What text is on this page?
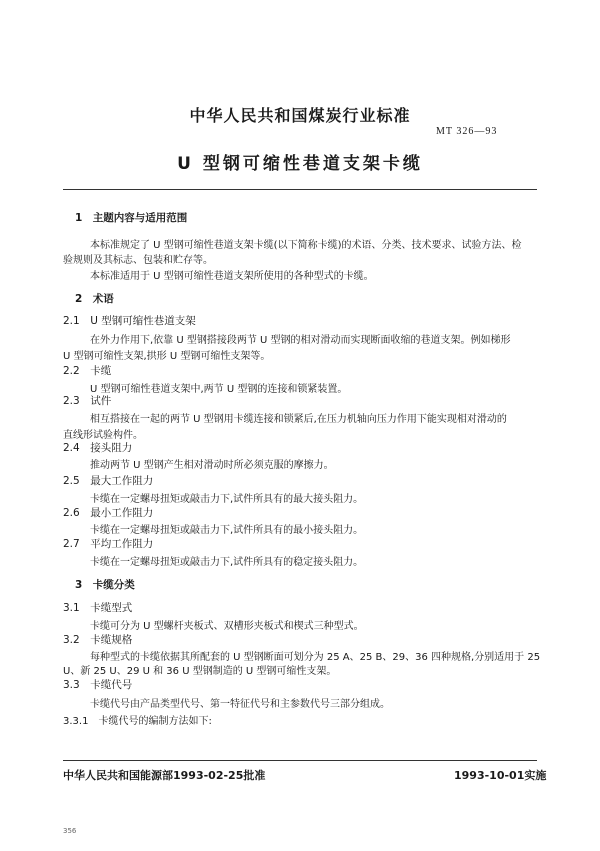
中华人民共和国煤炭行业标准
MT 326—93
U 型钢可缩性巷道支架卡缆
1　主题内容与适用范围
本标准规定了 U 型钢可缩性巷道支架卡缆(以下简称卡缆)的术语、分类、技术要求、试验方法、检
验规则及其标志、包装和贮存等。
本标准适用于 U 型钢可缩性巷道支架所使用的各种型式的卡缆。
2　术语
2.1　U 型钢可缩性巷道支架
在外力作用下,依靠 U 型钢搭接段两节 U 型钢的相对滑动而实现断面收缩的巷道支架。例如梯形
U 型钢可缩性支架,拱形 U 型钢可缩性支架等。
2.2　卡缆
U 型钢可缩性巷道支架中,两节 U 型钢的连接和锁紧装置。
2.3　试件
相互搭接在一起的两节 U 型钢用卡缆连接和锁紧后,在压力机轴向压力作用下能实现相对滑动的
直线形试验构件。
2.4　接头阻力
推动两节 U 型钢产生相对滑动时所必须克服的摩擦力。
2.5　最大工作阻力
卡缆在一定螺母扭矩或敲击力下,试件所具有的最大接头阻力。
2.6　最小工作阻力
卡缆在一定螺母扭矩或敲击力下,试件所具有的最小接头阻力。
2.7　平均工作阻力
卡缆在一定螺母扭矩或敲击力下,试件所具有的稳定接头阻力。
3　卡缆分类
3.1　卡缆型式
卡缆可分为 U 型螺杆夹板式、双槽形夹板式和楔式三种型式。
3.2　卡缆规格
每种型式的卡缆依据其所配套的 U 型钢断面可划分为 25 A、25 B、29、36 四种规格,分别适用于 25
U、新 25 U、29 U 和 36 U 型钢制造的 U 型钢可缩性支架。
3.3　卡缆代号
卡缆代号由产品类型代号、第一特征代号和主参数代号三部分组成。
3.3.1　卡缆代号的编制方法如下:
中华人民共和国能源部1993-02-25批准	1993-10-01实施
356
